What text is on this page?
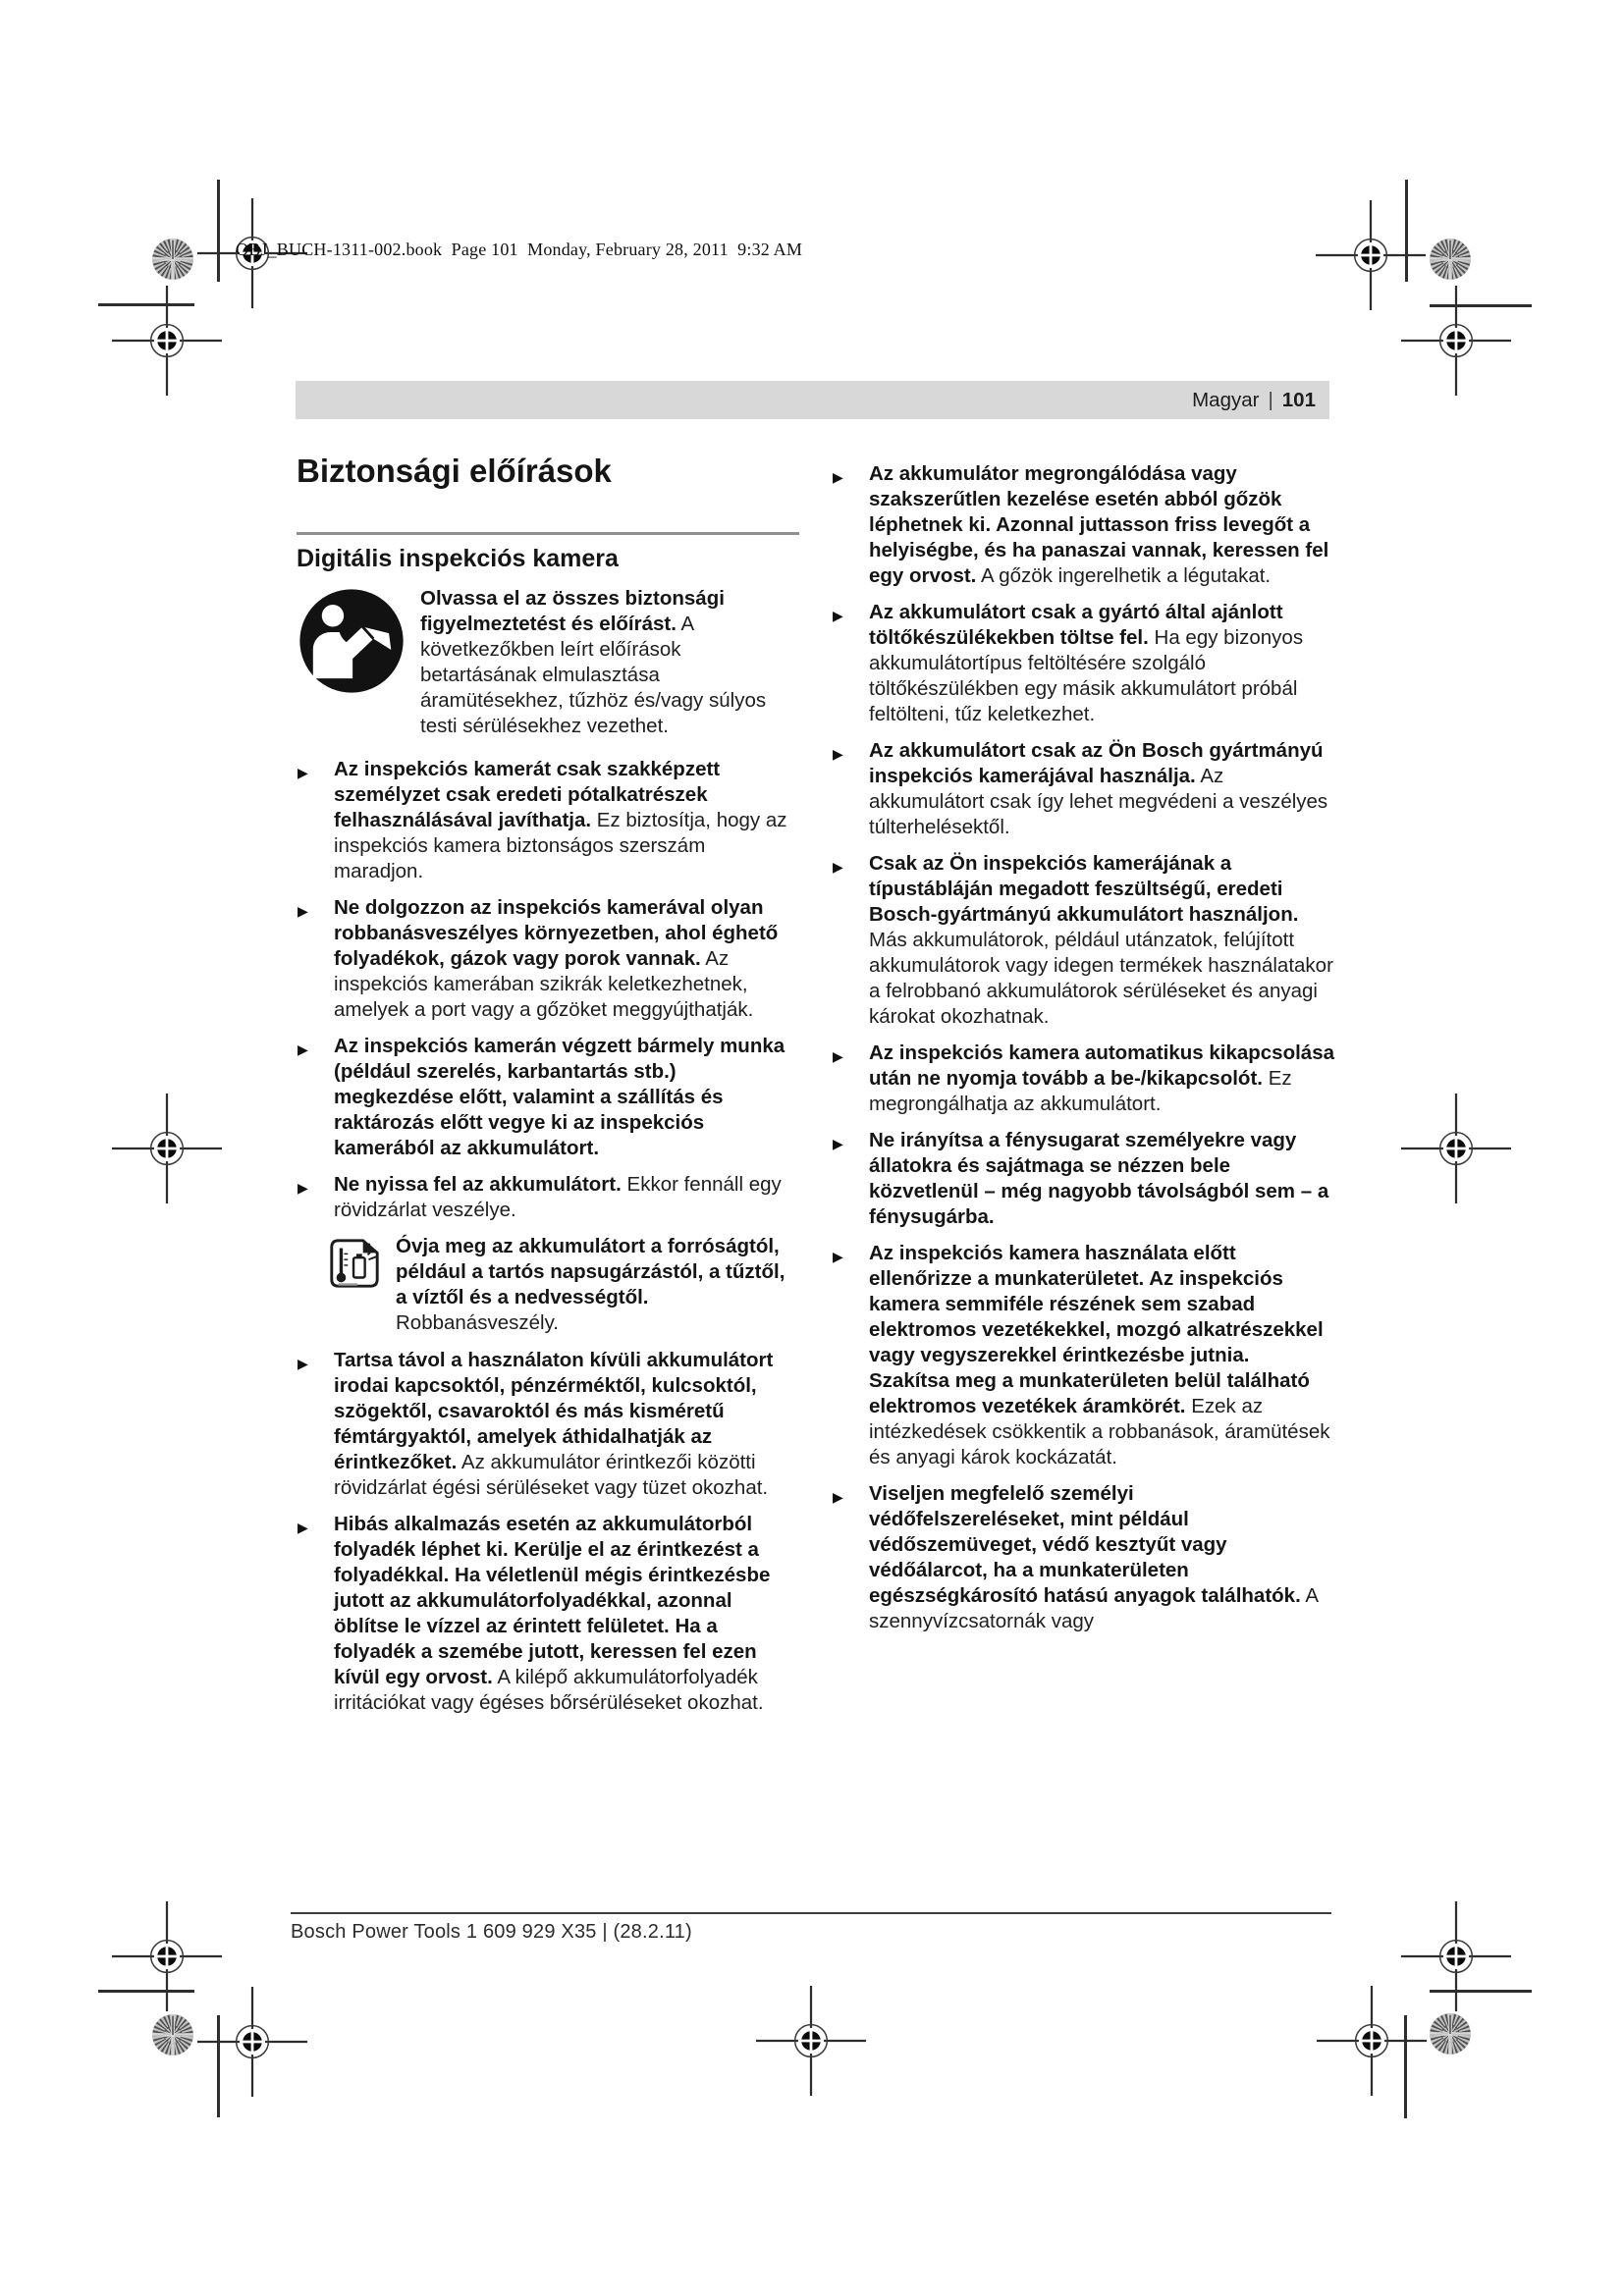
OBJ_BUCH-1311-002.book  Page 101  Monday, February 28, 2011  9:32 AM
Magyar | 101
Biztonsági előírások
Digitális inspekciós kamera
Olvassa el az összes biztonsági figyelmeztetést és előírást. A következőkben leírt előírások betartásának elmulasztása áramütésekhez, tűzhöz és/vagy súlyos testi sérülésekhez vezethet.

▶ Az inspekciós kamerát csak szakképzett személyzet csak eredeti pótalkatrészek felhasználásával javíthatja. Ez biztosítja, hogy az inspekciós kamera biztonságos szerszám maradjon.

▶ Ne dolgozzon az inspekciós kamerával olyan robbanásveszélyes környezetben, ahol éghető folyadékok, gázok vagy porok vannak. Az inspekciós kamerában szikrák keletkezhetnek, amelyek a port vagy a gőzöket meggyújthatják.

▶ Az inspekciós kamerán végzett bármely munka (például szerelés, karbantartás stb.) megkezdése előtt, valamint a szállítás és raktározás előtt vegye ki az inspekciós kamerából az akkumulátort.

▶ Ne nyissa fel az akkumulátort. Ekkor fennáll egy rövidzárlat veszélye.

Óvja meg az akkumulátort a forróságtól, például a tartós napsugárzástól, a tűztől, a víztől és a nedvességtől. Robbanásveszély.

▶ Tartsa távol a használaton kívüli akkumulátort irodai kapcsoktól, pénzérméktől, kulcsoktól, szögektől, csavaroktól és más kisméretű fémtárgyaktól, amelyek áthidalhatják az érintkezőket. Az akkumulátor érintkezői közötti rövidzárlat égési sérüléseket vagy tüzet okozhat.

▶ Hibás alkalmazás esetén az akkumulátorból folyadék léphet ki. Kerülje el az érintkezést a folyadékkal. Ha véletlenül mégis érintkezésbe jutott az akkumulátorfolyadékkal, azonnal öblítse le vízzel az érintett felületet. Ha a folyadék a szemébe jutott, keressen fel ezen kívül egy orvost. A kilépő akkumulátorfolyadék irritációkat vagy égéses bőrsérüléseket okozhat.

▶ Az akkumulátor megrongálódása vagy szakszerűtlen kezelése esetén abból gőzök léphetnek ki. Azonnal juttasson friss levegőt a helyiségbe, és ha panaszai vannak, keressen fel egy orvost. A gőzök ingerelhetik a légutakat.

▶ Az akkumulátort csak a gyártó által ajánlott töltőkészülékekben töltse fel. Ha egy bizonyos akkumulátortípus feltöltésére szolgáló töltőkészülékben egy másik akkumulátort próbál feltölteni, tűz keletkezhet.

▶ Az akkumulátort csak az Ön Bosch gyártmányú inspekciós kamerájával használja. Az akkumulátort csak így lehet megvédeni a veszélyes túlterhelésektől.

▶ Csak az Ön inspekciós kamerájának a típustábláján megadott feszültségű, eredeti Bosch-gyártmányú akkumulátort használjon. Más akkumulátorok, például utánzatok, felújított akkumulátorok vagy idegen termékek használatakor a felrobbanó akkumulátorok sérüléseket és anyagi károkat okozhatnak.

▶ Az inspekciós kamera automatikus kikapcsolása után ne nyomja tovább a be-/kikapcsolót. Ez megrongálhatja az akkumulátort.

▶ Ne irányítsa a fénysugarat személyekre vagy állatokra és sajátmaga se nézzen bele közvetlenül – még nagyobb távolságból sem – a fénysugárba.

▶ Az inspekciós kamera használata előtt ellenőrizze a munkaterületet. Az inspekciós kamera semmiféle részének sem szabad elektromos vezetékekkel, mozgó alkatrészekkel vagy vegyszerekkel érintkezésbe jutnia. Szakítsa meg a munkaterületen belül található elektromos vezetékek áramkörét. Ezek az intézkedések csökkentik a robbanások, áramütések és anyagi károk kockázatát.

▶ Viseljen megfelelő személyi védőfelszereléseket, mint például védőszemüveget, védő kesztyűt vagy védőálarcot, ha a munkaterületen egészségkárosító hatású anyagok találhatók. A szennyvízcsatornák vagy

Bosch Power Tools 1 609 929 X35 | (28.2.11)
